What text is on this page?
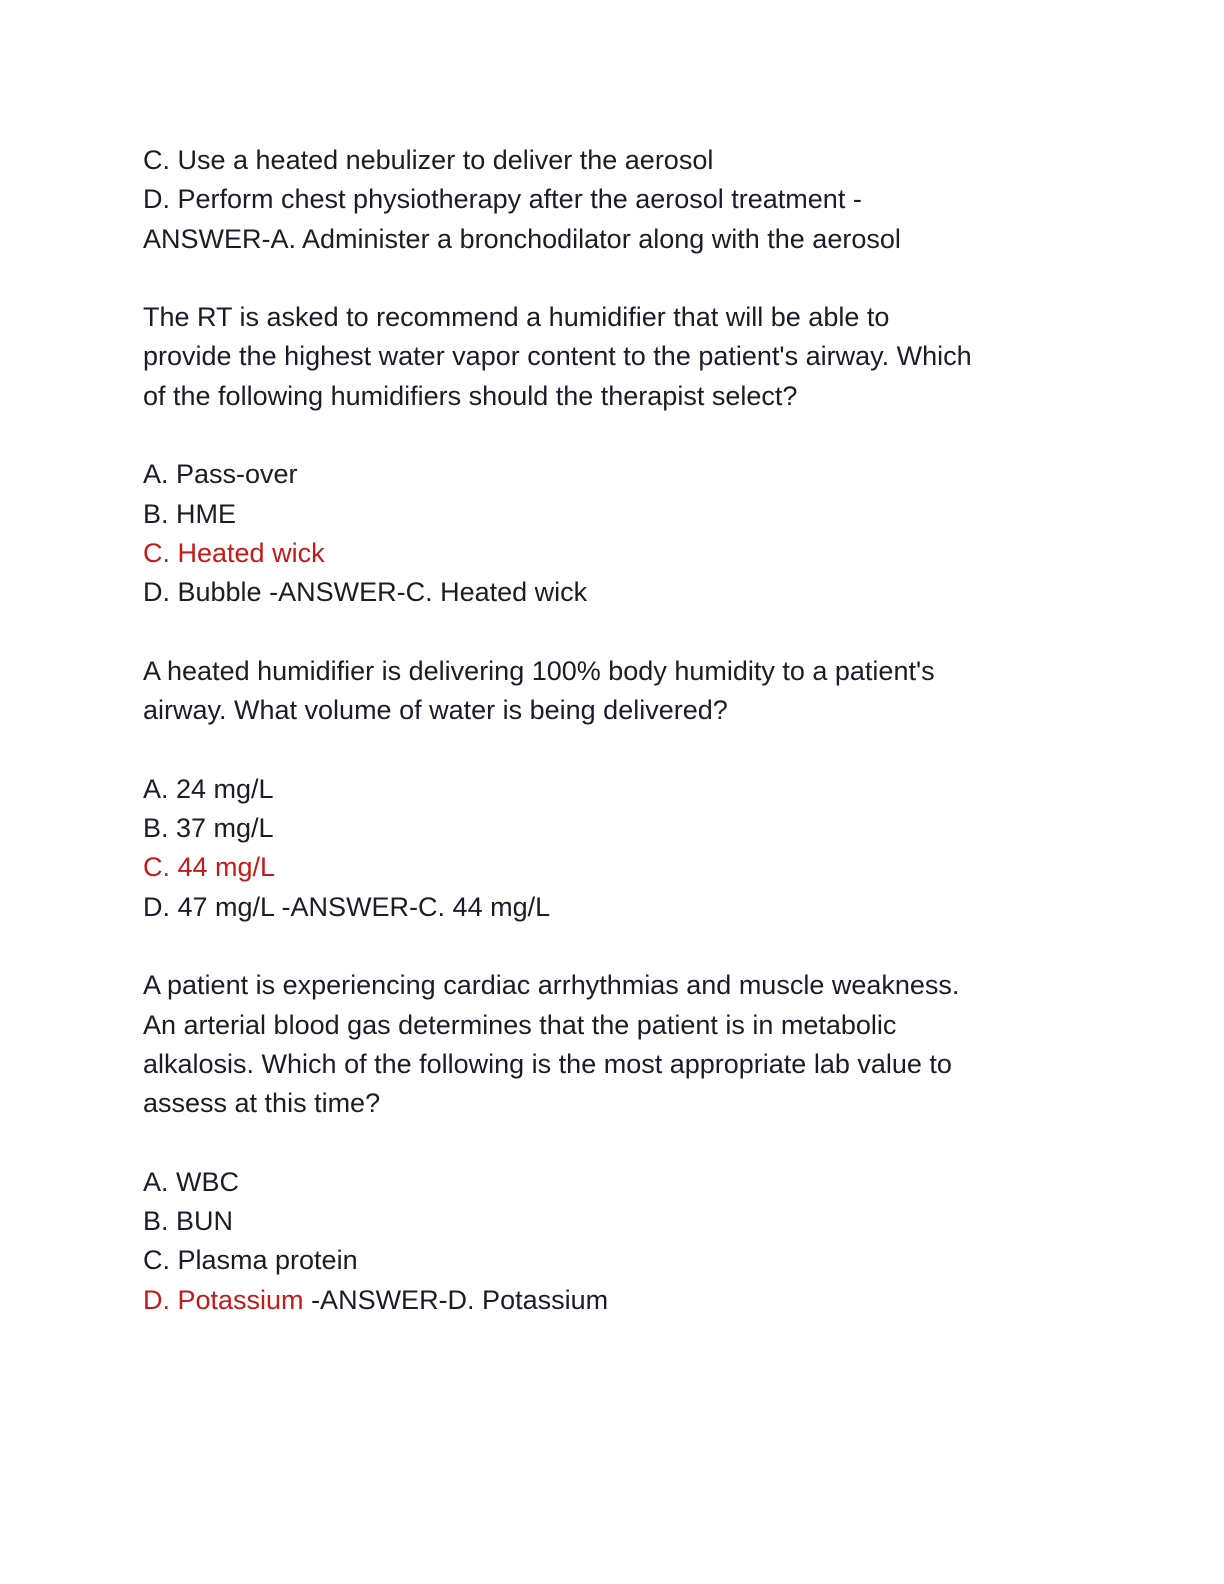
C. Use a heated nebulizer to deliver the aerosol
D. Perform chest physiotherapy after the aerosol treatment -
ANSWER-A. Administer a bronchodilator along with the aerosol
The RT is asked to recommend a humidifier that will be able to
provide the highest water vapor content to the patient's airway. Which
of the following humidifiers should the therapist select?
A. Pass-over
B. HME
C. Heated wick
D. Bubble -ANSWER-C. Heated wick
A heated humidifier is delivering 100% body humidity to a patient's
airway. What volume of water is being delivered?
A. 24 mg/L
B. 37 mg/L
C. 44 mg/L
D. 47 mg/L -ANSWER-C. 44 mg/L
A patient is experiencing cardiac arrhythmias and muscle weakness.
An arterial blood gas determines that the patient is in metabolic
alkalosis. Which of the following is the most appropriate lab value to
assess at this time?
A. WBC
B. BUN
C. Plasma protein
D. Potassium -ANSWER-D. Potassium
